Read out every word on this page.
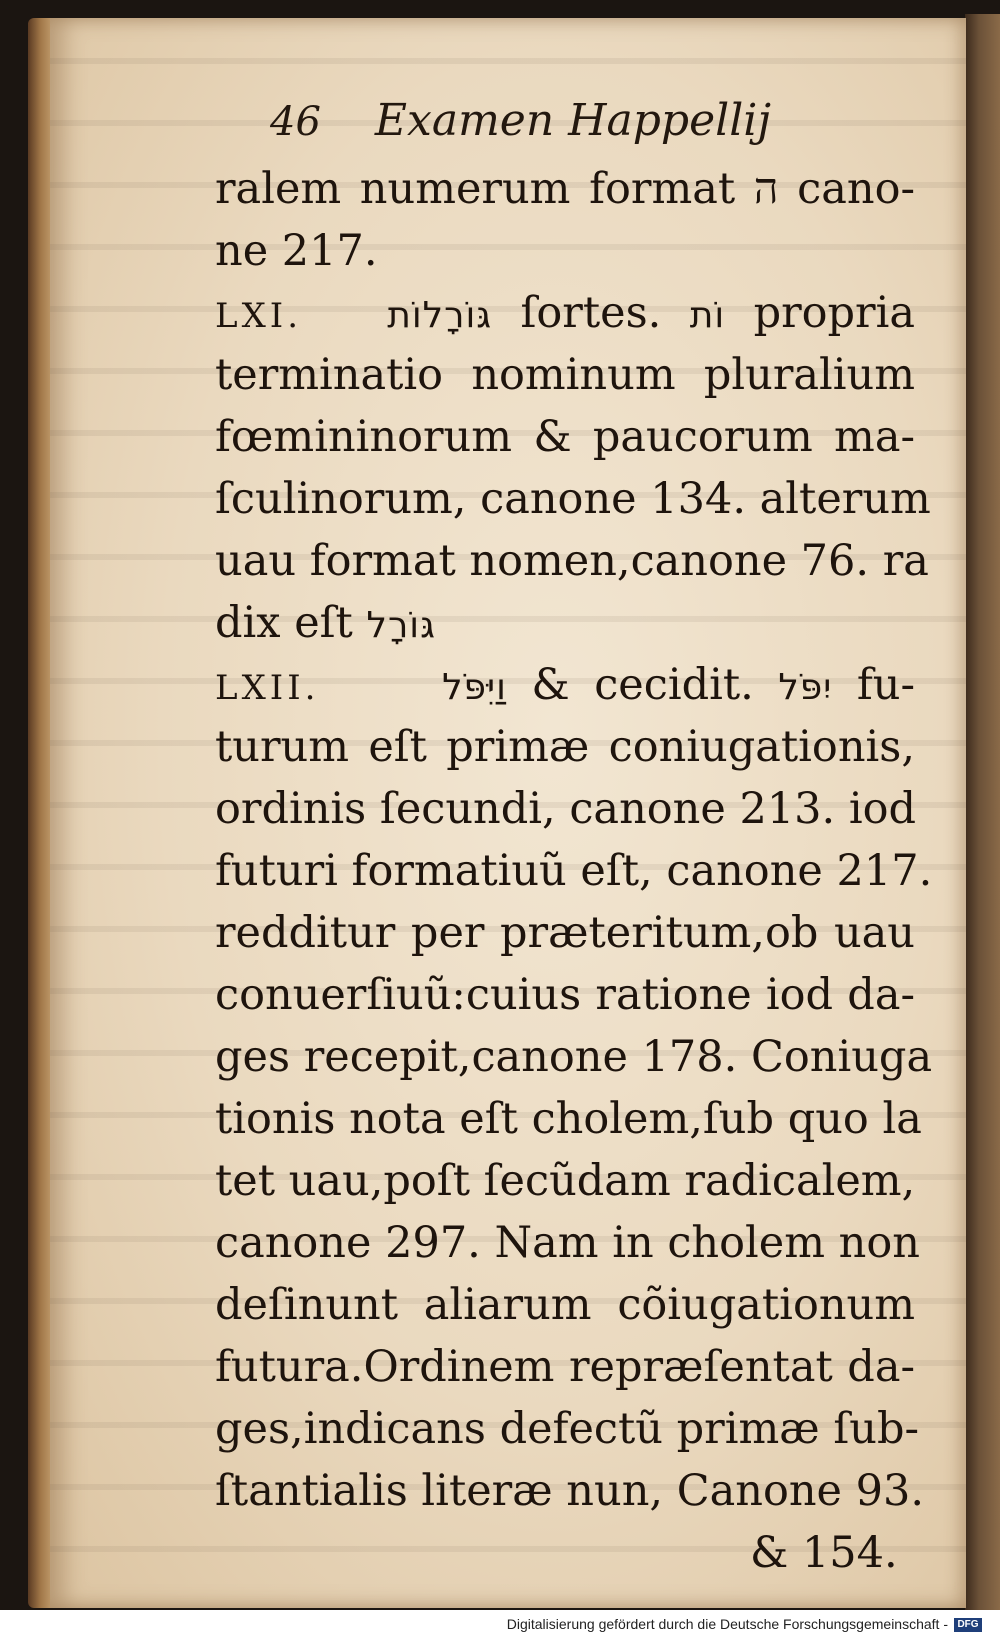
46 Examen Happellij
ralem numerum format ה cano-
ne 217.
LXI. גּוֹרָלוֹת ſortes. וֹת propria
terminatio nominum pluralium
fœmininorum & paucorum ma-
ſculinorum, canone 134. alterum
uau format nomen,canone 76. ra
dix eſt גּוֹרָל
LXII.	וַיִּפֹּל & cecidit. יִפֹּל fu-
turum eſt primæ coniugationis,
ordinis ſecundi, canone 213. iod
futuri formatiuũ eſt, canone 217.
redditur per præteritum,ob uau
conuerſiuũ:cuius ratione iod da-
ges recepit,canone 178. Coniuga
tionis nota eſt cholem,ſub quo la
tet uau,poſt ſecũdam radicalem,
canone 297. Nam in cholem non
deſinunt aliarum cõiugationum
futura.Ordinem repræſentat da-
ges,indicans defectũ primæ ſub-
ſtantialis literæ nun, Canone 93.
& 154.
Digitalisierung gefördert durch die Deutsche Forschungsgemeinschaft - DFG
